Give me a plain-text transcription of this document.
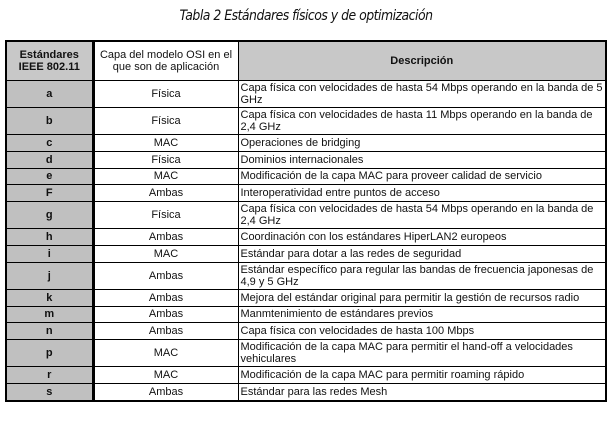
Tabla 2 Estándares físicos y de optimización
Estándares IEEE 802.11	Capa del modelo OSI en el que son de aplicación	Descripción
a	Física	Capa física con velocidades de hasta 54 Mbps operando en la banda de 5 GHz
b	Física	Capa física con velocidades de hasta 11 Mbps operando en la banda de 2,4 GHz
c	MAC	Operaciones de bridging
d	Física	Dominios internacionales
e	MAC	Modificación de la capa MAC para proveer calidad de servicio
F	Ambas	Interoperatividad entre puntos de acceso
g	Física	Capa física con velocidades de hasta 54 Mbps operando en la banda de 2,4 GHz
h	Ambas	Coordinación con los estándares HiperLAN2 europeos
i	MAC	Estándar para dotar a las redes de seguridad
j	Ambas	Estándar específico para regular las bandas de frecuencia japonesas de 4,9 y 5 GHz
k	Ambas	Mejora del estándar original para permitir la gestión de recursos radio
m	Ambas	Manmtenimiento de estándares previos
n	Ambas	Capa física con velocidades de hasta 100 Mbps
p	MAC	Modificación de la capa MAC para permitir el hand-off a velocidades vehiculares
r	MAC	Modificación de la capa MAC para permitir roaming rápido
s	Ambas	Estándar para las redes Mesh
